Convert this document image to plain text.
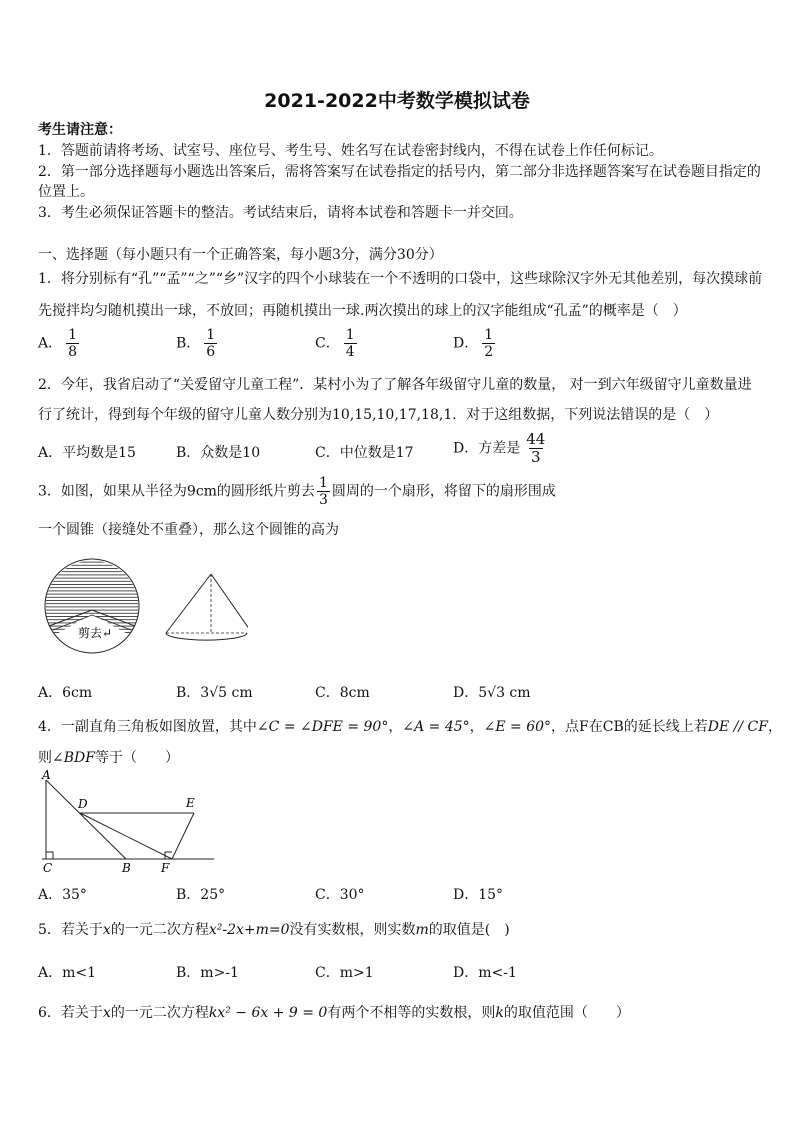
2021-2022中考数学模拟试卷
考生请注意：
1．答题前请将考场、试室号、座位号、考生号、姓名写在试卷密封线内，不得在试卷上作任何标记。
2．第一部分选择题每小题选出答案后，需将答案写在试卷指定的括号内，第二部分非选择题答案写在试卷题目指定的
位置上。
3．考生必须保证答题卡的整洁。考试结束后，请将本试卷和答题卡一并交回。
一、选择题（每小题只有一个正确答案，每小题3分，满分30分）
1．将分别标有“孔”“孟”“之”“乡”汉字的四个小球装在一个不透明的口袋中，这些球除汉字外无其他差别，每次摸球前
先搅拌均匀随机摸出一球，不放回；再随机摸出一球.两次摸出的球上的汉字能组成“孔孟”的概率是（　）
A． $\frac{1}{8}$	B． $\frac{1}{6}$	C． $\frac{1}{4}$	D． $\frac{1}{2}$
2．今年，我省启动了“关爱留守儿童工程”．某村小为了了解各年级留守儿童的数量， 对一到六年级留守儿童数量进
行了统计，得到每个年级的留守儿童人数分别为10,15,10,17,18,1．对于这组数据，下列说法错误的是（　）
A．平均数是15	B．众数是10	C．中位数是17	D．方差是 $\frac{44}{3}$
3．如图，如果从半径为9cm的圆形纸片剪去 $\frac{1}{3}$ 圆周的一个扇形，将留下的扇形围成
一个圆锥（接缝处不重叠），那么这个圆锥的高为
剪去↵
A．6cm	B．3√5 cm	C．8cm	D．5√3 cm
4．一副直角三角板如图放置，其中∠C = ∠DFE = 90°，∠A = 45°，∠E = 60°，点F在CB的延长线上若DE // CF，
则∠BDF等于（　　）
A
D	E
C	B	F
A．35°	B．25°	C．30°	D．15°
5．若关于x的一元二次方程x²-2x+m=0没有实数根，则实数m的取值是(　)
A．m<1	B．m>-1	C．m>1	D．m<-1
6．若关于x的一元二次方程kx² − 6x + 9 = 0有两个不相等的实数根，则k的取值范围（　　）
